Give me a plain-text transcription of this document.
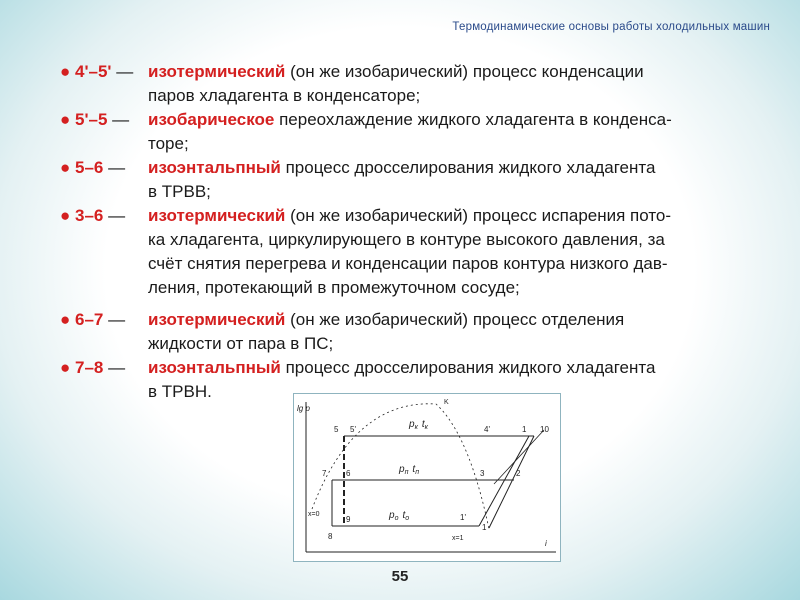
Термодинамические основы работы холодильных машин
● 4'–5' — изотермический (он же изобарический) процесс конденсации
паров хладагента в конденсаторе;
● 5'–5 — изобарическое переохлаждение жидкого хладагента в конденса-
торе;
● 5–6 — изоэнтальпный процесс дросселирования жидкого хладагента
в ТРВВ;
● 3–6 — изотермический (он же изобарический) процесс испарения пото-
ка хладагента, циркулирующего в контуре высокого давления, за
счёт снятия перегрева и конденсации паров контура низкого дав-
ления, протекающий в промежуточном сосуде;
● 6–7 — изотермический (он же изобарический) процесс отделения
жидкости от пара в ПС;
● 7–8 — изоэнтальпный процесс дросселирования жидкого хладагента
в ТРВН.
lg p
i
K
5 5'	4'	1 10
6
7	3	2
9	1'
1
8
x=0
x=1
$p_к$ $t_к$
$p_п$ $t_п$
$p_о$ $t_о$
55
